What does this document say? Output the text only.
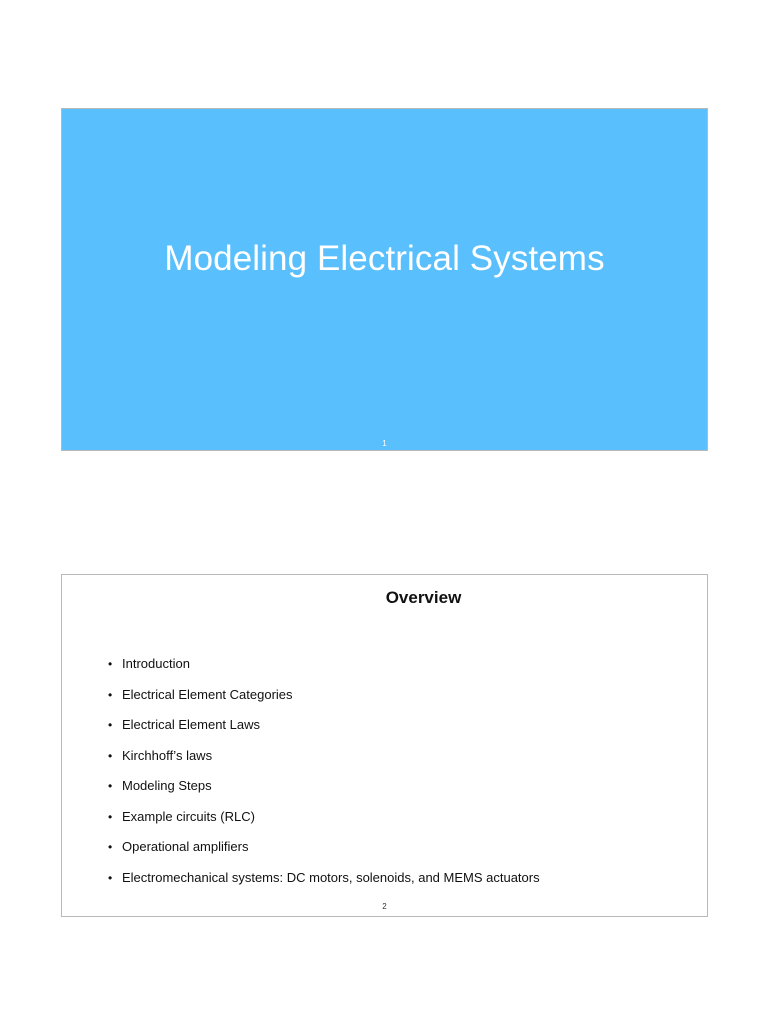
Modeling Electrical Systems
1
Overview
• Introduction
• Electrical Element Categories
• Electrical Element Laws
• Kirchhoff’s laws
• Modeling Steps
• Example circuits (RLC)
• Operational amplifiers
• Electromechanical systems: DC motors, solenoids, and MEMS actuators
2
